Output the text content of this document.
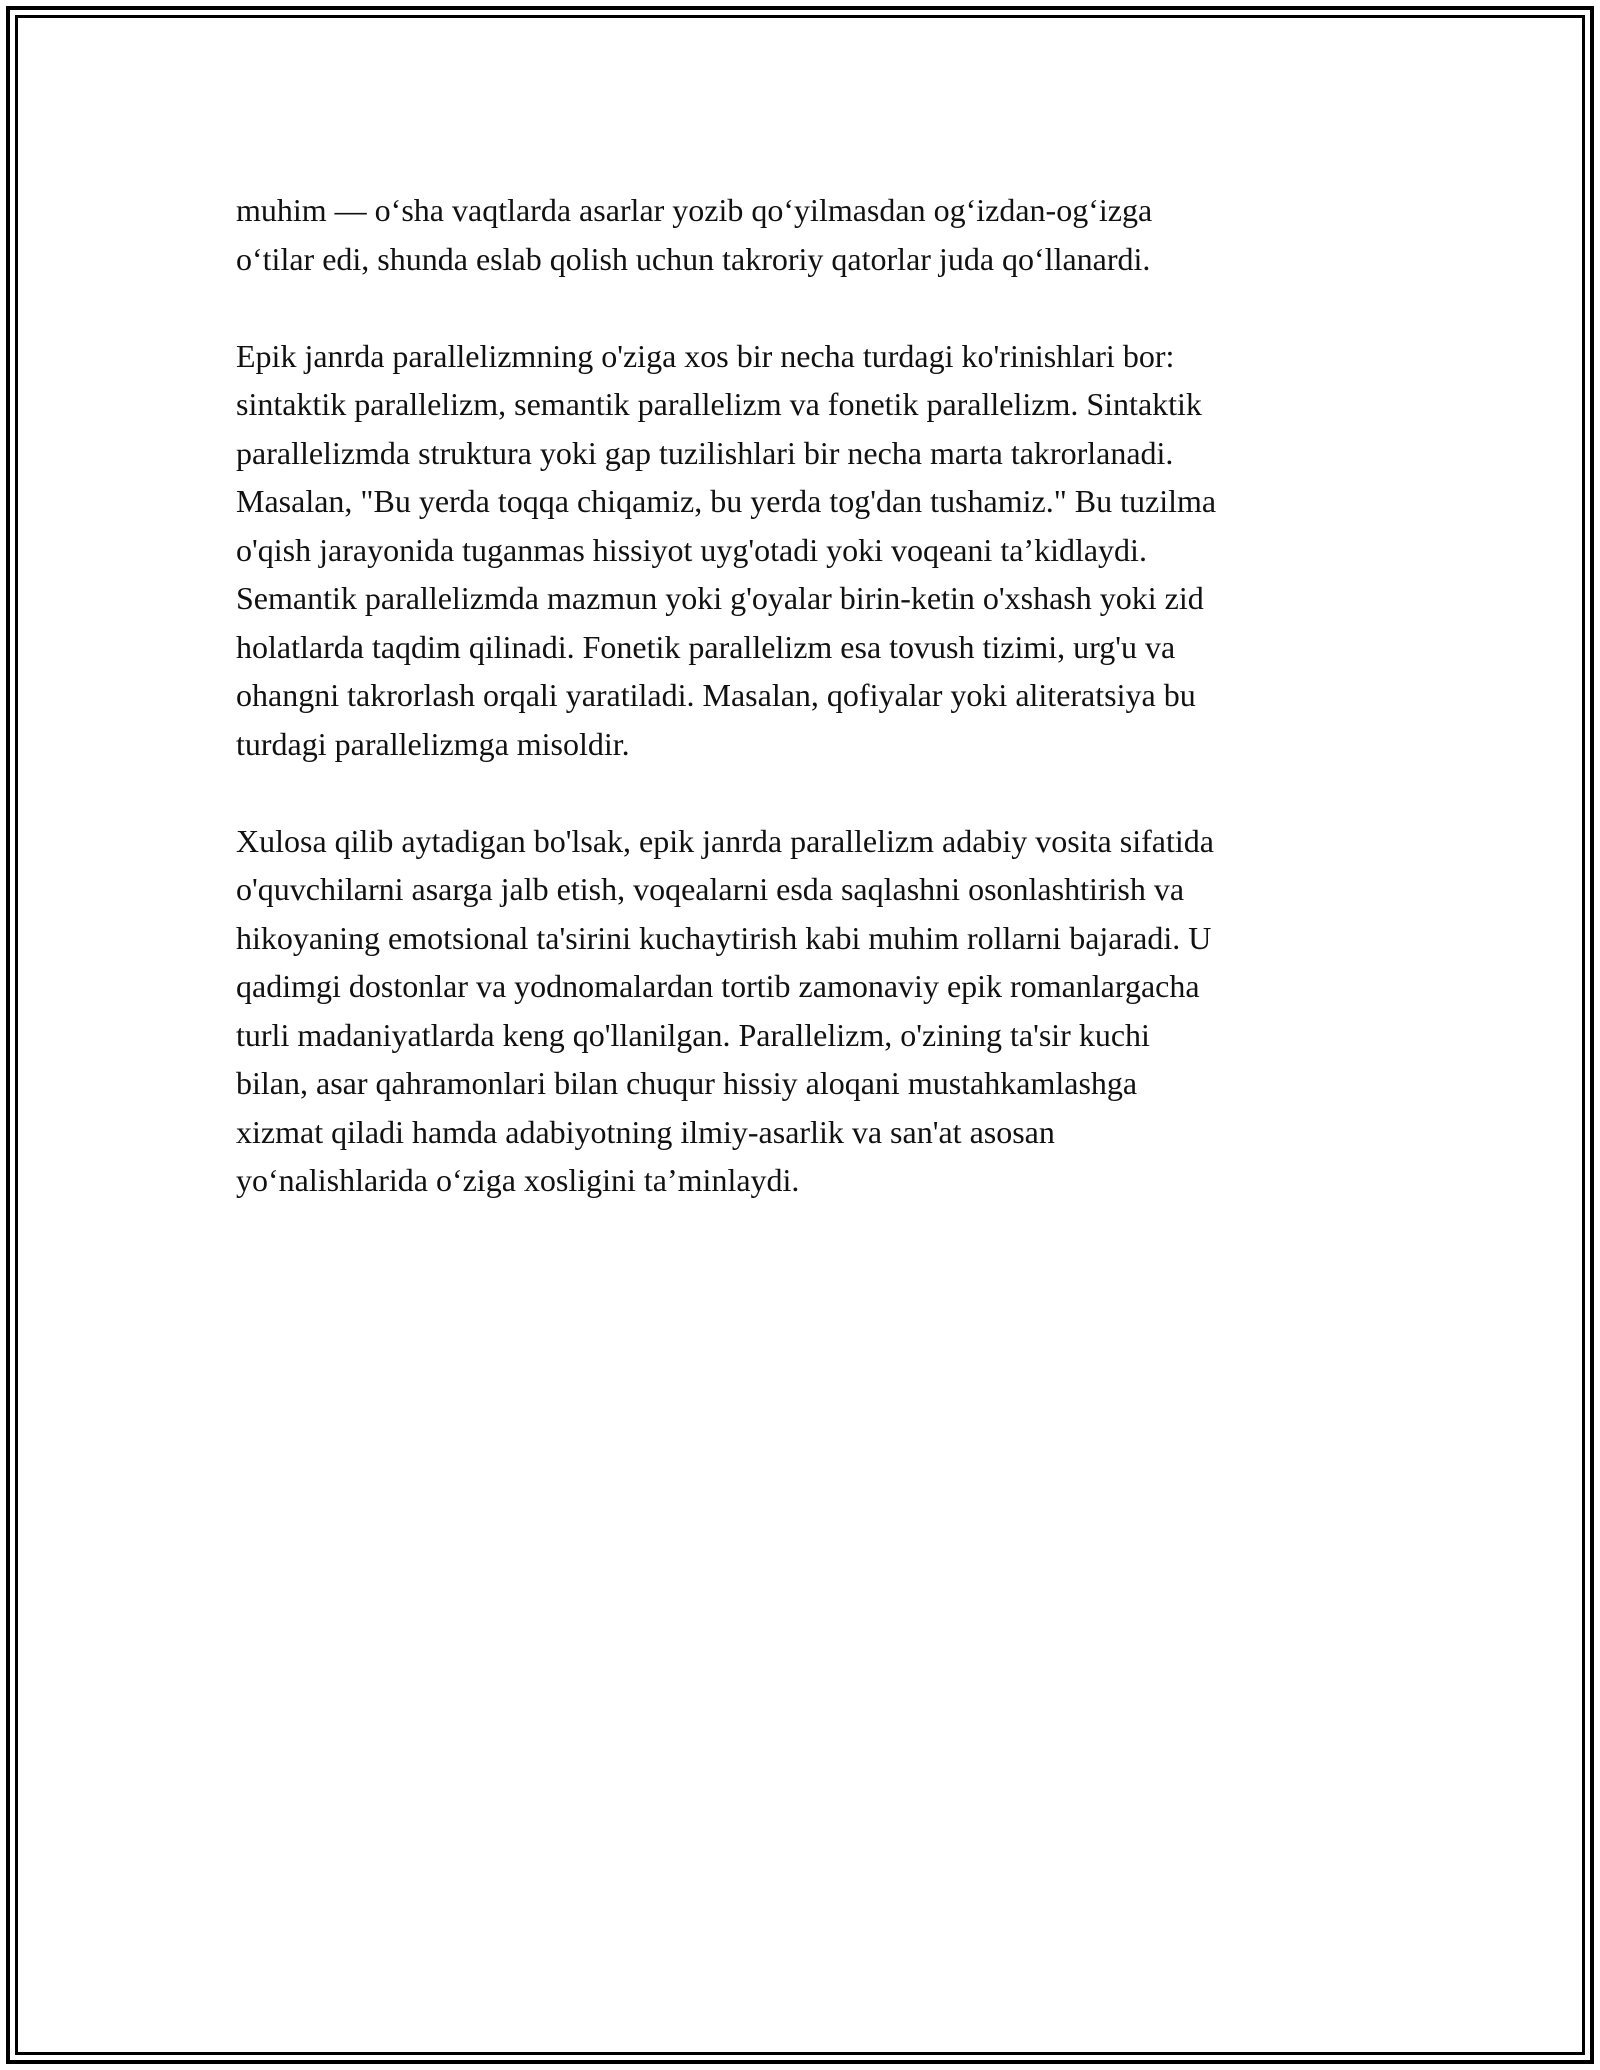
muhim — o‘sha vaqtlarda asarlar yozib qo‘yilmasdan og‘izdan-og‘izga
o‘tilar edi, shunda eslab qolish uchun takroriy qatorlar juda qo‘llanardi.

Epik janrda parallelizmning o'ziga xos bir necha turdagi ko'rinishlari bor:
sintaktik parallelizm, semantik parallelizm va fonetik parallelizm. Sintaktik
parallelizmda struktura yoki gap tuzilishlari bir necha marta takrorlanadi.
Masalan, "Bu yerda toqqa chiqamiz, bu yerda tog'dan tushamiz." Bu tuzilma
o'qish jarayonida tuganmas hissiyot uyg'otadi yoki voqeani ta’kidlaydi.
Semantik parallelizmda mazmun yoki g'oyalar birin-ketin o'xshash yoki zid
holatlarda taqdim qilinadi. Fonetik parallelizm esa tovush tizimi, urg'u va
ohangni takrorlash orqali yaratiladi. Masalan, qofiyalar yoki aliteratsiya bu
turdagi parallelizmga misoldir.

Xulosa qilib aytadigan bo'lsak, epik janrda parallelizm adabiy vosita sifatida
o'quvchilarni asarga jalb etish, voqealarni esda saqlashni osonlashtirish va
hikoyaning emotsional ta'sirini kuchaytirish kabi muhim rollarni bajaradi. U
qadimgi dostonlar va yodnomalardan tortib zamonaviy epik romanlargacha
turli madaniyatlarda keng qo'llanilgan. Parallelizm, o'zining ta'sir kuchi
bilan, asar qahramonlari bilan chuqur hissiy aloqani mustahkamlashga
xizmat qiladi hamda adabiyotning ilmiy-asarlik va san'at asosan
yo‘nalishlarida o‘ziga xosligini ta’minlaydi.
